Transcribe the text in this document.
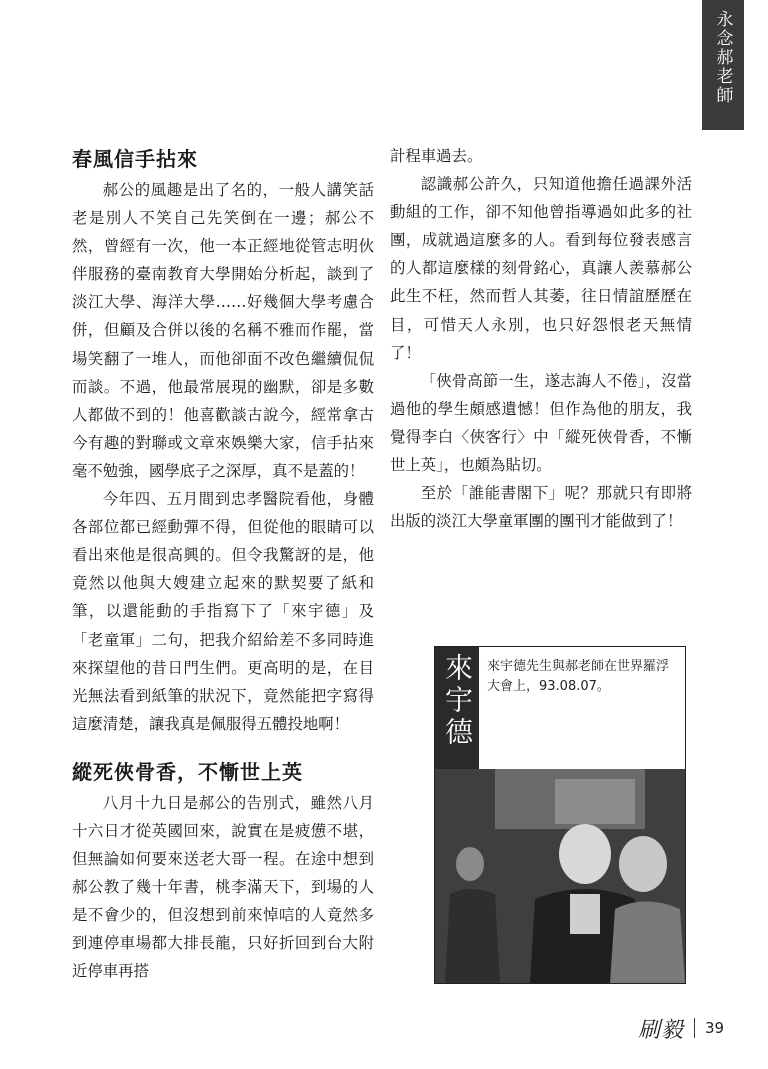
永念郝老師
春風信手拈來

郝公的風趣是出了名的，一般人講笑話老是別人不笑自己先笑倒在一邊；郝公不然，曾經有一次，他一本正經地從管志明伙伴服務的臺南教育大學開始分析起，談到了淡江大學、海洋大學……好幾個大學考慮合併，但顧及合併以後的名稱不雅而作罷，當場笑翻了一堆人，而他卻面不改色繼續侃侃而談。不過，他最常展現的幽默，卻是多數人都做不到的！他喜歡談古說今，經常拿古今有趣的對聯或文章來娛樂大家，信手拈來毫不勉強，國學底子之深厚，真不是蓋的！

今年四、五月間到忠孝醫院看他，身體各部位都已經動彈不得，但從他的眼睛可以看出來他是很高興的。但令我驚訝的是，他竟然以他與大嫂建立起來的默契要了紙和筆，以還能動的手指寫下了「來宇德」及「老童軍」二句，把我介紹給差不多同時進來探望他的昔日門生們。更高明的是，在目光無法看到紙筆的狀況下，竟然能把字寫得這麼清楚，讓我真是佩服得五體投地啊！

縱死俠骨香，不慚世上英

八月十九日是郝公的告別式，雖然八月十六日才從英國回來，說實在是疲憊不堪，但無論如何要來送老大哥一程。在途中想到郝公教了幾十年書，桃李滿天下，到場的人是不會少的，但沒想到前來悼唁的人竟然多到連停車場都大排長龍，只好折回到台大附近停車再搭

計程車過去。

認識郝公許久，只知道他擔任過課外活動組的工作，卻不知他曾指導過如此多的社團，成就過這麼多的人。看到每位發表感言的人都這麼樣的刻骨銘心，真讓人羨慕郝公此生不枉，然而哲人其萎，往日情誼歷歷在目，可惜天人永別，也只好怨恨老天無情了！

「俠骨高節一生，遂志誨人不倦」，沒當過他的學生頗感遺憾！但作為他的朋友，我覺得李白〈俠客行〉中「縱死俠骨香，不慚世上英」，也頗為貼切。

至於「誰能書閣下」呢？那就只有即將出版的淡江大學童軍團的團刊才能做到了！

來宇德 來宇德先生與郝老師在世界羅浮大會上，93.08.07。
刷毅 39
